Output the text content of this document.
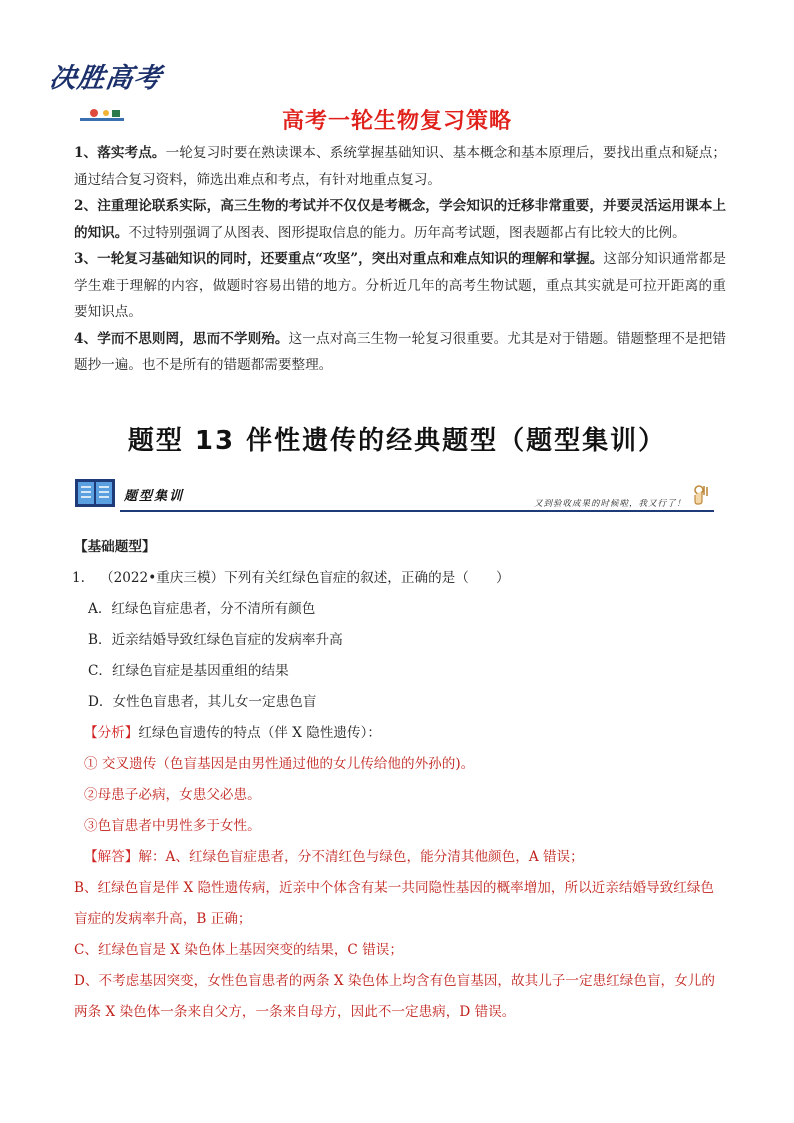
决胜高考
高考一轮生物复习策略

1、落实考点。一轮复习时要在熟读课本、系统掌握基础知识、基本概念和基本原理后，要找出重点和疑点；通过结合复习资料，筛选出难点和考点，有针对地重点复习。

2、注重理论联系实际，高三生物的考试并不仅仅是考概念，学会知识的迁移非常重要，并要灵活运用课本上的知识。不过特别强调了从图表、图形提取信息的能力。历年高考试题，图表题都占有比较大的比例。

3、一轮复习基础知识的同时，还要重点“攻坚”，突出对重点和难点知识的理解和掌握。这部分知识通常都是学生难于理解的内容，做题时容易出错的地方。分析近几年的高考生物试题，重点其实就是可拉开距离的重要知识点。

4、学而不思则罔，思而不学则殆。这一点对高三生物一轮复习很重要。尤其是对于错题。错题整理不是把错题抄一遍。也不是所有的错题都需要整理。

题型 13 伴性遗传的经典题型（题型集训）
题型集训	又到验收成果的时候啦，我又行了！

【基础题型】

1. （2022•重庆三模）下列有关红绿色盲症的叙述，正确的是（　　）

A．红绿色盲症患者，分不清所有颜色

B．近亲结婚导致红绿色盲症的发病率升高

C．红绿色盲症是基因重组的结果

D．女性色盲患者，其儿女一定患色盲

【分析】红绿色盲遗传的特点（伴 X 隐性遗传）：

① 交叉遗传（色盲基因是由男性通过他的女儿传给他的外孙的)。

②母患子必病，女患父必患。

③色盲患者中男性多于女性。

【解答】解：A、红绿色盲症患者，分不清红色与绿色，能分清其他颜色，A 错误；

B、红绿色盲是伴 X 隐性遗传病，近亲中个体含有某一共同隐性基因的概率增加，所以近亲结婚导致红绿色盲症的发病率升高，B 正确；

C、红绿色盲是 X 染色体上基因突变的结果，C 错误；

D、不考虑基因突变，女性色盲患者的两条 X 染色体上均含有色盲基因，故其儿子一定患红绿色盲，女儿的两条 X 染色体一条来自父方，一条来自母方，因此不一定患病，D 错误。
